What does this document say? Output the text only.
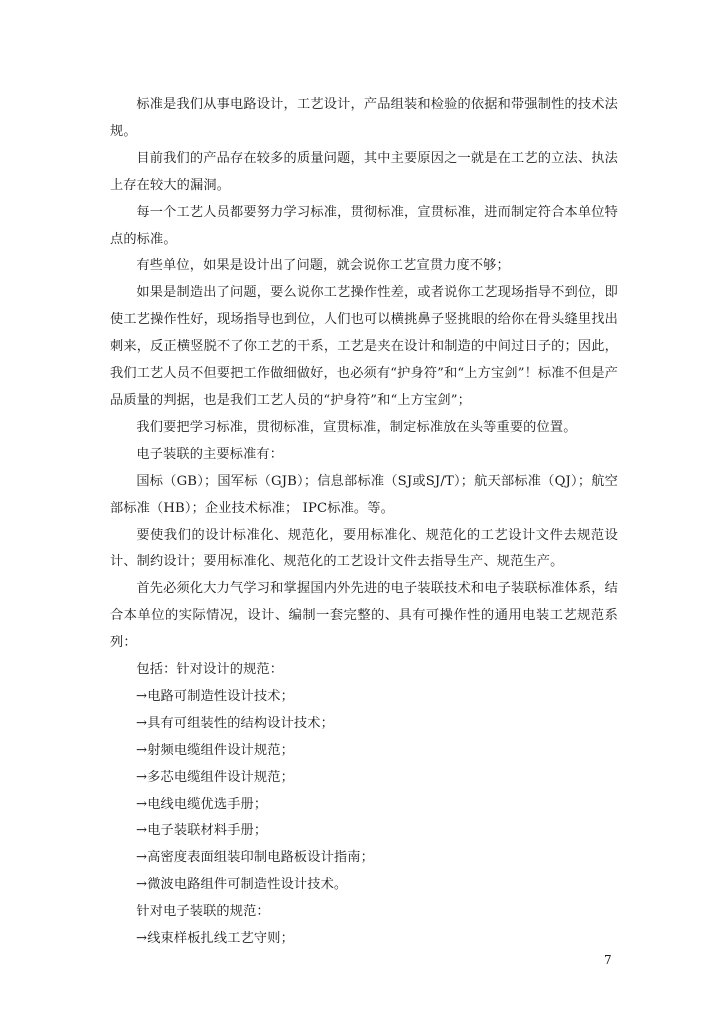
标准是我们从事电路设计，工艺设计，产品组装和检验的依据和带强制性的技术法规。

目前我们的产品存在较多的质量问题，其中主要原因之一就是在工艺的立法、执法上存在较大的漏洞。

每一个工艺人员都要努力学习标准，贯彻标准，宣贯标准，进而制定符合本单位特点的标准。

有些单位，如果是设计出了问题，就会说你工艺宣贯力度不够；

如果是制造出了问题，要么说你工艺操作性差，或者说你工艺现场指导不到位，即使工艺操作性好，现场指导也到位，人们也可以横挑鼻子竖挑眼的给你在骨头缝里找出刺来，反正横竖脱不了你工艺的干系，工艺是夹在设计和制造的中间过日子的；因此，我们工艺人员不但要把工作做细做好，也必须有“护身符”和“上方宝剑”！标准不但是产品质量的判据，也是我们工艺人员的“护身符”和“上方宝剑”；

我们要把学习标准，贯彻标准，宣贯标准，制定标准放在头等重要的位置。

电子装联的主要标准有：

国标（GB）；国军标（GJB）；信息部标准（SJ或SJ/T）；航天部标准（QJ）；航空部标准（HB）；企业技术标准； IPC标准。等。

要使我们的设计标准化、规范化，要用标准化、规范化的工艺设计文件去规范设计、制约设计；要用标准化、规范化的工艺设计文件去指导生产、规范生产。

首先必须化大力气学习和掌握国内外先进的电子装联技术和电子装联标准体系，结合本单位的实际情况，设计、编制一套完整的、具有可操作性的通用电装工艺规范系列：

包括：针对设计的规范：

→电路可制造性设计技术；

→具有可组装性的结构设计技术；

→射频电缆组件设计规范；

→多芯电缆组件设计规范；

→电线电缆优选手册；

→电子装联材料手册；

→高密度表面组装印制电路板设计指南；

→微波电路组件可制造性设计技术。

针对电子装联的规范：

→线束样板扎线工艺守则；

7
